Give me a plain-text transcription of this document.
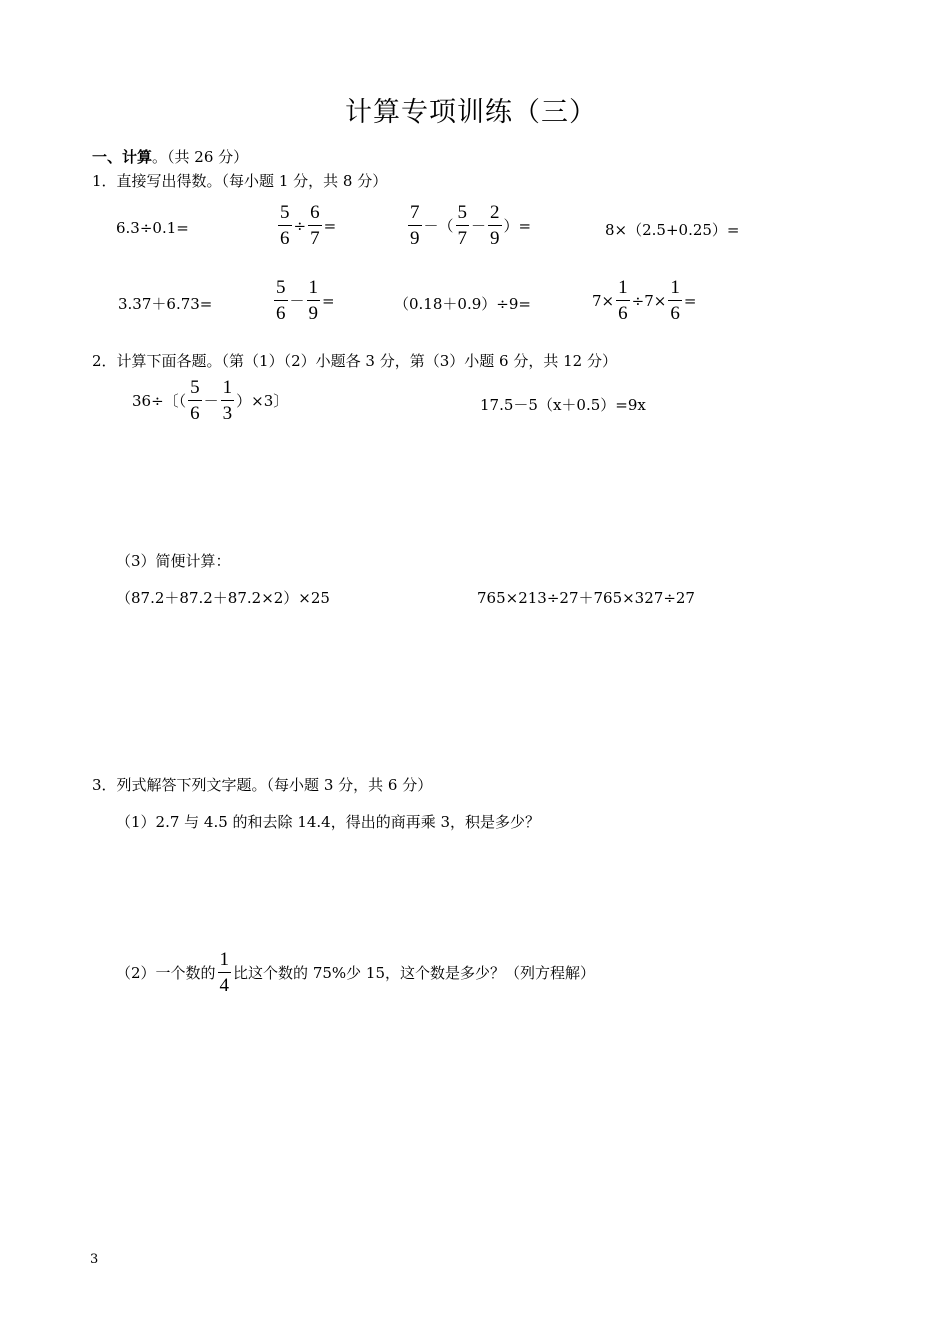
计算专项训练（三）
一、计算。（共 26 分）
1．直接写出得数。（每小题 1 分，共 8 分）
6.3÷0.1=	$\frac{5}{6} \div \frac{6}{7}$ =	$\frac{7}{9}$ －（ $\frac{5}{7} - \frac{2}{9}$ ）=	8×（2.5+0.25）=
3.37＋6.73=	$\frac{5}{6} - \frac{1}{9}$ =	（0.18＋0.9）÷9=	$7\times \frac{1}{6} \div 7\times \frac{1}{6}$ =
2．计算下面各题。（第（1）（2）小题各 3 分，第（3）小题 6 分，共 12 分）
36÷〔（ $\frac{5}{6} - \frac{1}{3} )\times 3$〕	17.5－5（x＋0.5）=9x
（3）简便计算：
（87.2＋87.2＋87.2×2）×25	765×213÷27＋765×327÷27
3．列式解答下列文字题。（每小题 3 分，共 6 分）
（1）2.7 与 4.5 的和去除 14.4，得出的商再乘 3，积是多少？
（2）一个数的 $\frac{1}{4}$ 比这个数的 75%少 15，这个数是多少？（列方程解）
3
